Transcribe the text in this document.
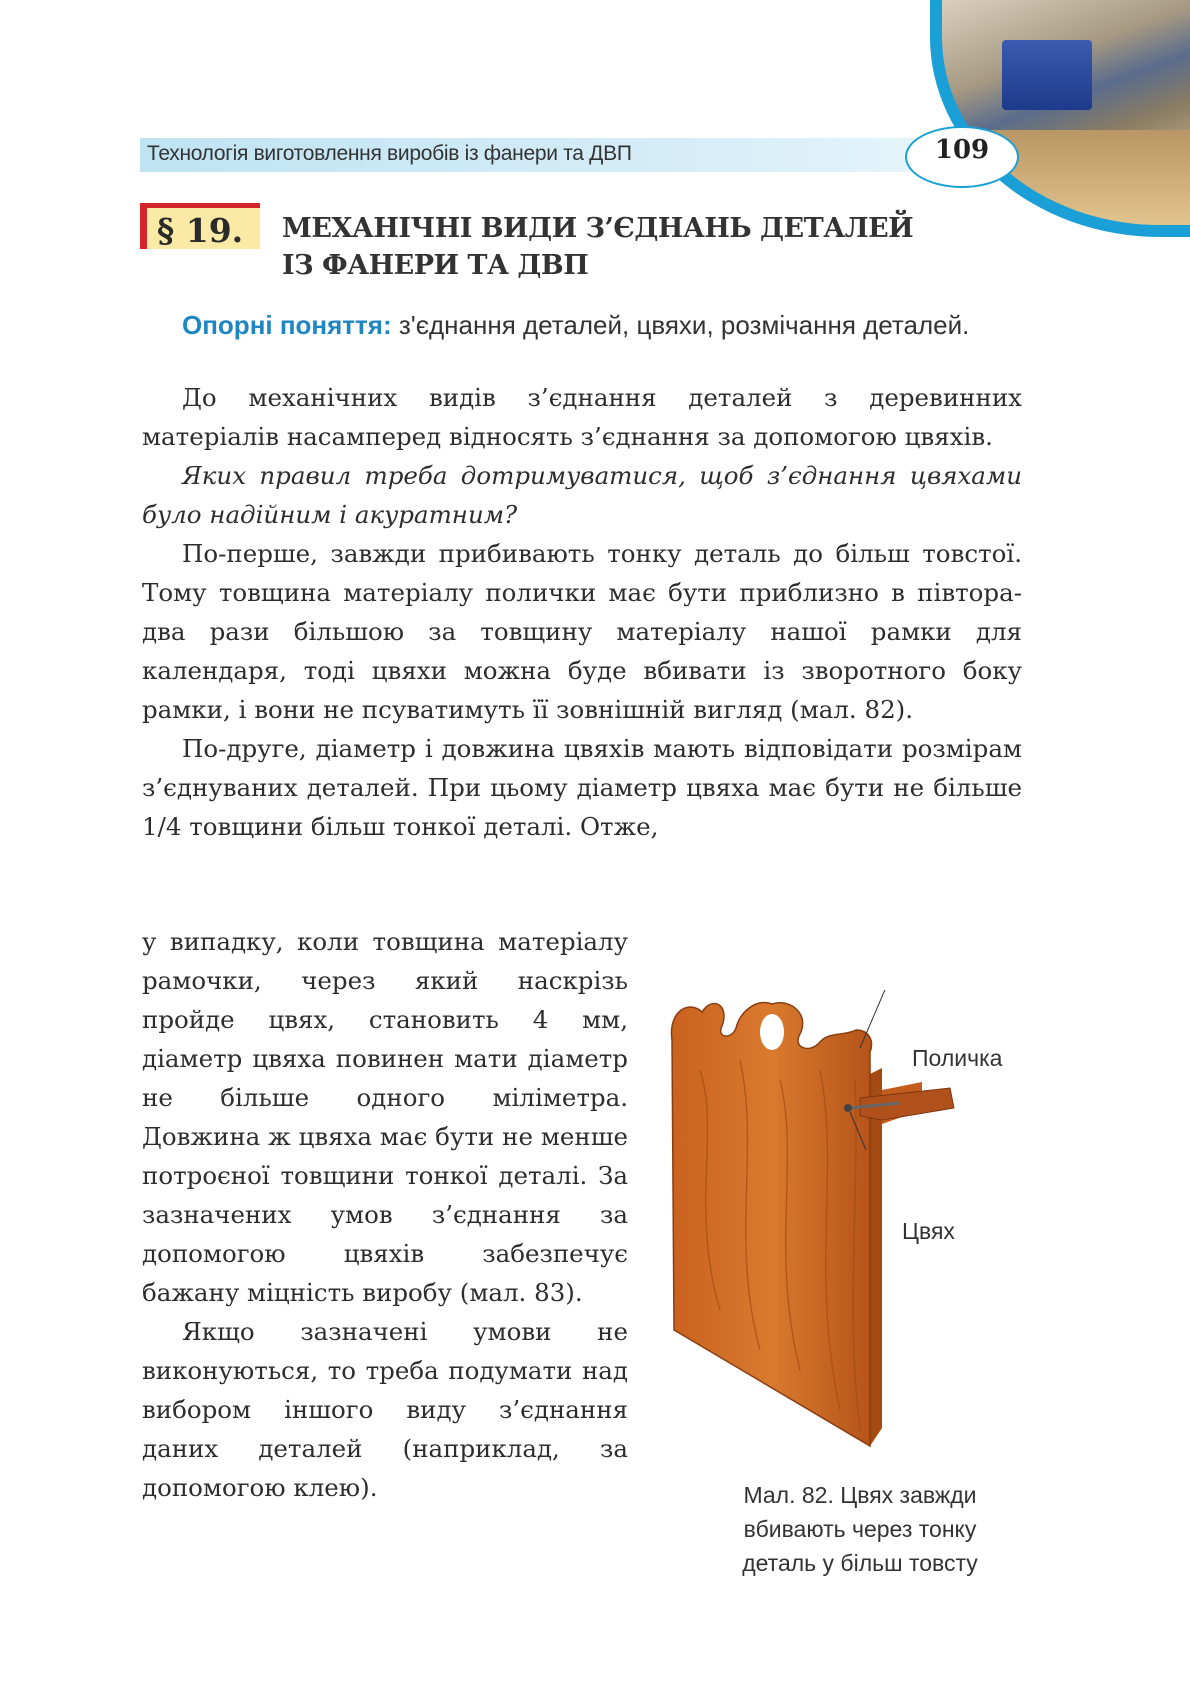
Технологія виготовлення виробів із фанери та ДВП	109
§ 19.	МЕХАНІЧНІ ВИДИ З’ЄДНАНЬ ДЕТАЛЕЙ
ІЗ ФАНЕРИ ТА ДВП
Опорні поняття: з'єднання деталей, цвяхи, розмічання деталей.

До механічних видів з’єднання деталей з деревинних матеріалів насамперед відносять з’єднання за допомогою цвяхів.

Яких правил треба дотримуватися, щоб з’єднання цвяхами було надійним і акуратним?

По-перше, завжди прибивають тонку деталь до більш товстої. Тому товщина матеріалу полички має бути приблизно в півтора-два рази більшою за товщину матеріалу нашої рамки для календаря, тоді цвяхи можна буде вбивати із зворотного боку рамки, і вони не псуватимуть її зовнішній вигляд (мал. 82).

По-друге, діаметр і довжина цвяхів мають відповідати розмірам з’єднуваних деталей. При цьому діаметр цвяха має бути не більше 1/4 товщини більш тонкої деталі. Отже,

у випадку, коли товщина матеріалу рамочки, через який наскрізь пройде цвях, становить 4 мм, діаметр цвяха повинен мати діаметр не більше одного міліметра. Довжина ж цвяха має бути не менше потроєної товщини тонкої деталі. За зазначених умов з’єднання за допомогою цвяхів забезпечує бажану міцність виробу (мал. 83).

Якщо зазначені умови не виконуються, то треба подумати над вибором іншого виду з’єднання даних деталей (наприклад, за допомогою клею).

Поличка
Цвях
Мал. 82. Цвях завжди
вбивають через тонку
деталь у більш товсту
